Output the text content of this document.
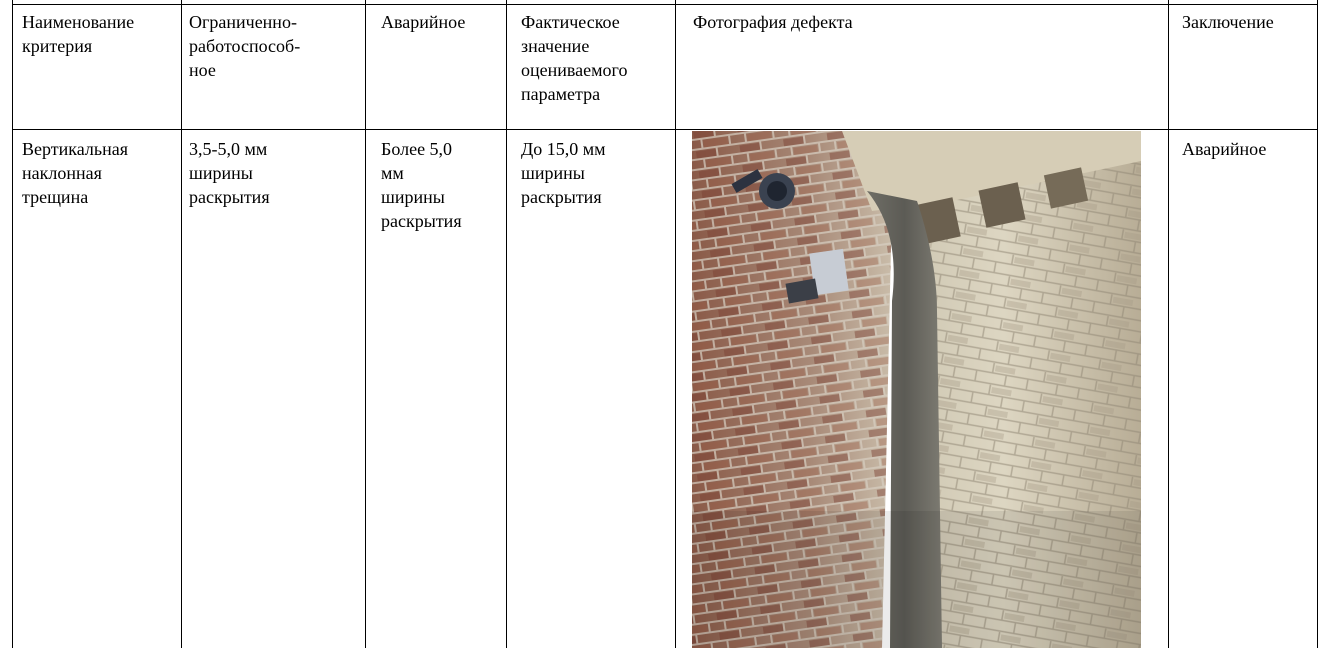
Наименование
критерия
Ограниченно-
работоспособ-
ное
Аварийное	Фактическое
значение
оцениваемого
параметра
Фотография дефекта	Заключение
Вертикальная
наклонная
трещина
3,5-5,0 мм
ширины
раскрытия
Более 5,0
мм
ширины
раскрытия
До 15,0 мм
ширины
раскрытия
Аварийное
